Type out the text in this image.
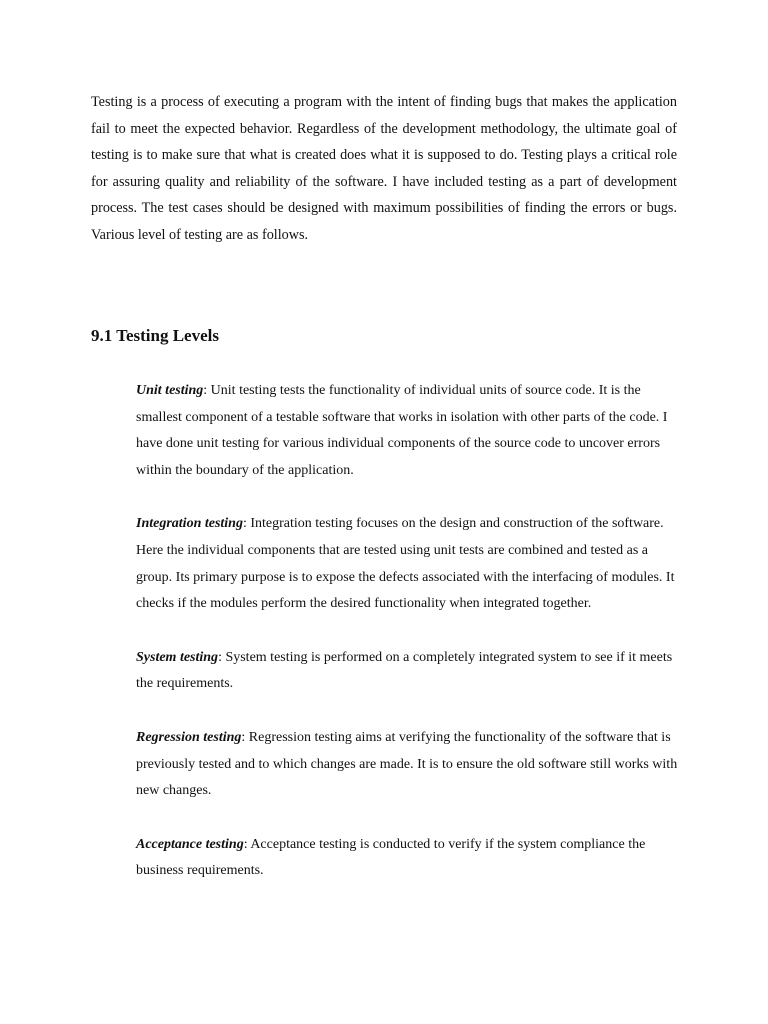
Testing is a process of executing a program with the intent of finding bugs that makes the application fail to meet the expected behavior. Regardless of the development methodology, the ultimate goal of testing is to make sure that what is created does what it is supposed to do. Testing plays a critical role for assuring quality and reliability of the software. I have included testing as a part of development process. The test cases should be designed with maximum possibilities of finding the errors or bugs. Various level of testing are as follows.

9.1 Testing Levels

Unit testing: Unit testing tests the functionality of individual units of source code. It is the smallest component of a testable software that works in isolation with other parts of the code. I have done unit testing for various individual components of the source code to uncover errors within the boundary of the application.

Integration testing: Integration testing focuses on the design and construction of the software. Here the individual components that are tested using unit tests are combined and tested as a group. Its primary purpose is to expose the defects associated with the interfacing of modules. It checks if the modules perform the desired functionality when integrated together.

System testing: System testing is performed on a completely integrated system to see if it meets the requirements.

Regression testing: Regression testing aims at verifying the functionality of the software that is previously tested and to which changes are made. It is to ensure the old software still works with new changes.

Acceptance testing: Acceptance testing is conducted to verify if the system compliance the business requirements.
